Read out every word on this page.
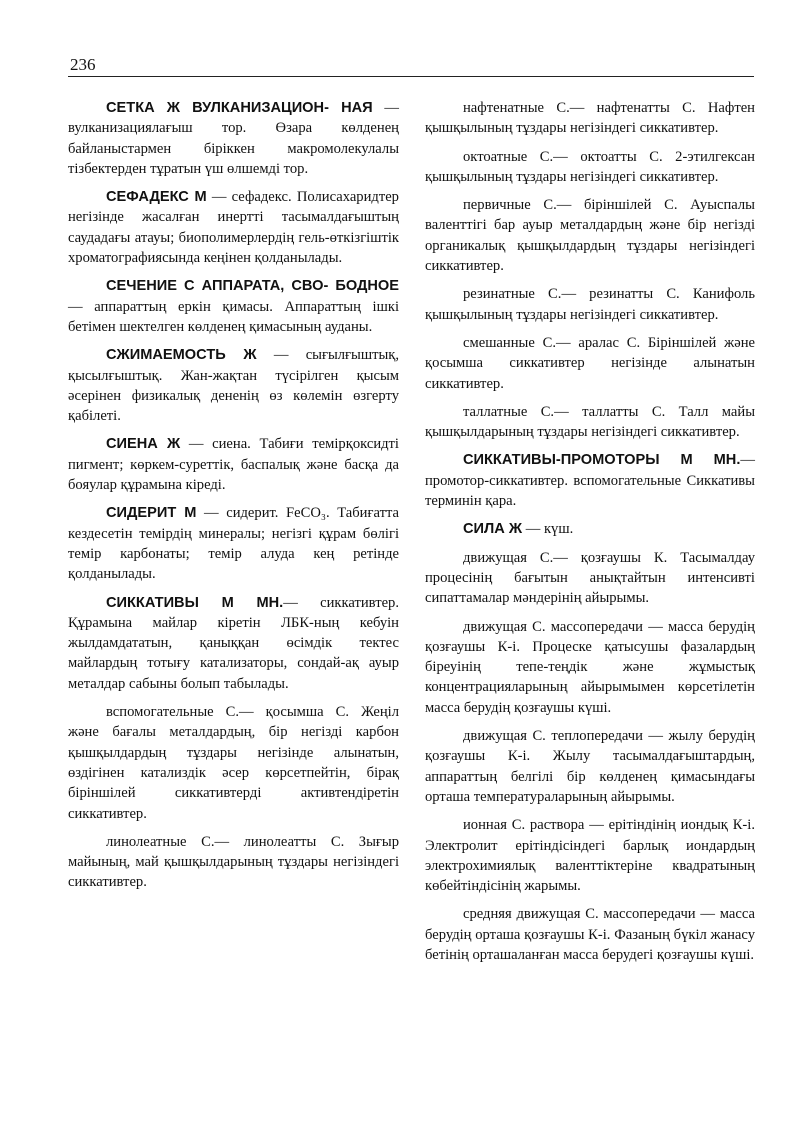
236

СЕТКА Ж ВУЛКАНИЗАЦИОН- НАЯ — вулканизациялағыш тор. Өзара көлденең байланыстармен біріккен макромолекулалы тізбектерден тұратын үш өлшемді тор.

СЕФАДЕКС М — сефадекс. Полисахаридтер негізінде жасалған инертті тасымалдағыштың саудадағы атауы; биополимерлердің гель-өткізгіштік хроматографиясында кеңінен қолданылады.

СЕЧЕНИЕ С АППАРАТА, СВО- БОДНОЕ — аппараттың еркін қимасы. Аппараттың ішкі бетімен шектелген көлденең қимасының ауданы.

СЖИМАЕМОСТЬ Ж — сығылғыштық, қысылғыштық. Жан-жақтан түсірілген қысым әсерінен физикалық дененің өз көлемін өзгерту қабілеті.

СИЕНА Ж — сиена. Табиғи темірқоксидті пигмент; көркем-суреттік, баспалық және басқа да бояулар құрамына кіреді.

СИДЕРИТ М — сидерит. FeCO₃. Табиғатта кездесетін темірдің минералы; негізгі құрам бөлігі темір карбонаты; темір алуда кең ретінде қолданылады.

СИККАТИВЫ М МН.— сиккативтер. Құрамына майлар кіретін ЛБК-ның кебуін жылдамдататын, қаныққан өсімдік тектес майлардың тотығу катализаторы, сондай-ақ ауыр металдар сабыны болып табылады.

вспомогательные С.— қосымша С. Жеңіл және бағалы металдардың, бір негізді карбон қышқылдардың тұздары негізінде алынатын, өздігінен катализдік әсер көрсетпейтін, бірақ біріншілей сиккативтерді активтендіретін сиккативтер.

линолеатные С.— линолеатты С. Зығыр майының, май қышқылдарының тұздары негізіндегі сиккативтер.

нафтенатные С.— нафтенатты С. Нафтен қышқылының тұздары негізіндегі сиккативтер.

октоатные С.— октоатты С. 2-этилгексан қышқылының тұздары негізіндегі сиккативтер.

первичные С.— біріншілей С. Ауыспалы валенттігі бар ауыр металдардың және бір негізді органикалық қышқылдардың тұздары негізіндегі сиккативтер.

резинатные С.— резинатты С. Канифоль қышқылының тұздары негізіндегі сиккативтер.

смешанные С.— аралас С. Біріншілей және қосымша сиккативтер негізінде алынатын сиккативтер.

таллатные С.— таллатты С. Талл майы қышқылдарының тұздары негізіндегі сиккативтер.

СИККАТИВЫ-ПРОМОТОРЫ М МН.— промотор-сиккативтер. вспомогательные Сиккативы терминін қара.

СИЛА Ж — күш.

движущая С.— қозғаушы К. Тасымалдау процесінің бағытын анықтайтын интенсивті сипаттамалар мәндерінің айырымы.

движущая С. массопередачи — масса берудің қозғаушы К-і. Процеске қатысушы фазалардың біреуінің тепе-теңдік және жұмыстық концентрацияларының айырымымен көрсетілетін масса берудің қозғаушы күші.

движущая С. теплопередачи — жылу берудің қозғаушы К-і. Жылу тасымалдағыштардың, аппараттың белгілі бір көлденең қимасындағы орташа температураларының айырымы.

ионная С. раствора — ерітіндінің иондық К-і. Электролит ерітіндісіндегі барлық иондардың электрохимиялық валенттіктеріне квадратының көбейтіндісінің жарымы.

средняя движущая С. массопередачи — масса берудің орташа қозғаушы К-і. Фазаның бүкіл жанасу бетінің орташаланған масса берудегі қозғаушы күші.
